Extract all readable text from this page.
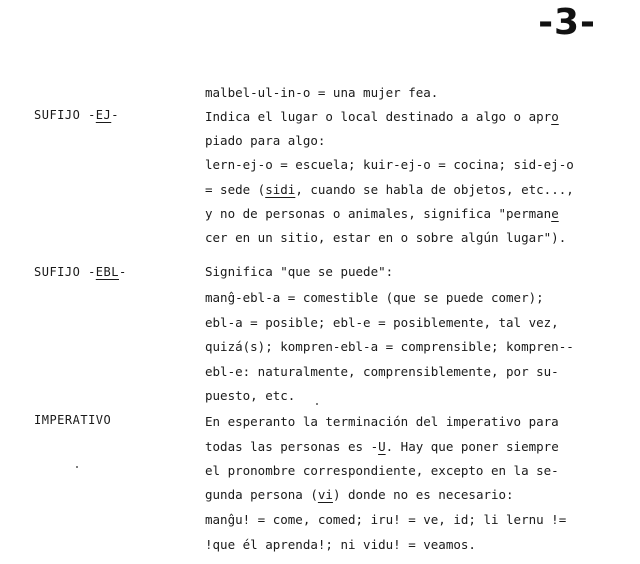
-3-
SUFIJO -EJ-
SUFIJO -EBL-
IMPERATIVO
malbel-ul-in-o = una mujer fea.
Indica el lugar o local destinado a algo o apro
piado para algo:
lern-ej-o = escuela; kuir-ej-o = cocina; sid-ej-o
= sede (sidi, cuando se habla de objetos, etc...,
y no de personas o animales, significa "permane
cer en un sitio, estar en o sobre algún lugar").
Significa "que se puede":
manĝ-ebl-a = comestible (que se puede comer);
ebl-a = posible; ebl-e = posiblemente, tal vez,
quizá(s); kompren-ebl-a = comprensible; kompren--
ebl-e: naturalmente, comprensiblemente, por su-
puesto, etc.
En esperanto la terminación del imperativo para
todas las personas es -U. Hay que poner siempre
el pronombre correspondiente, excepto en la se-
gunda persona (vi) donde no es necesario:
manĝu! = come, comed; iru! = ve, id; li lernu !=
!que él aprenda!; ni vidu! = veamos.
